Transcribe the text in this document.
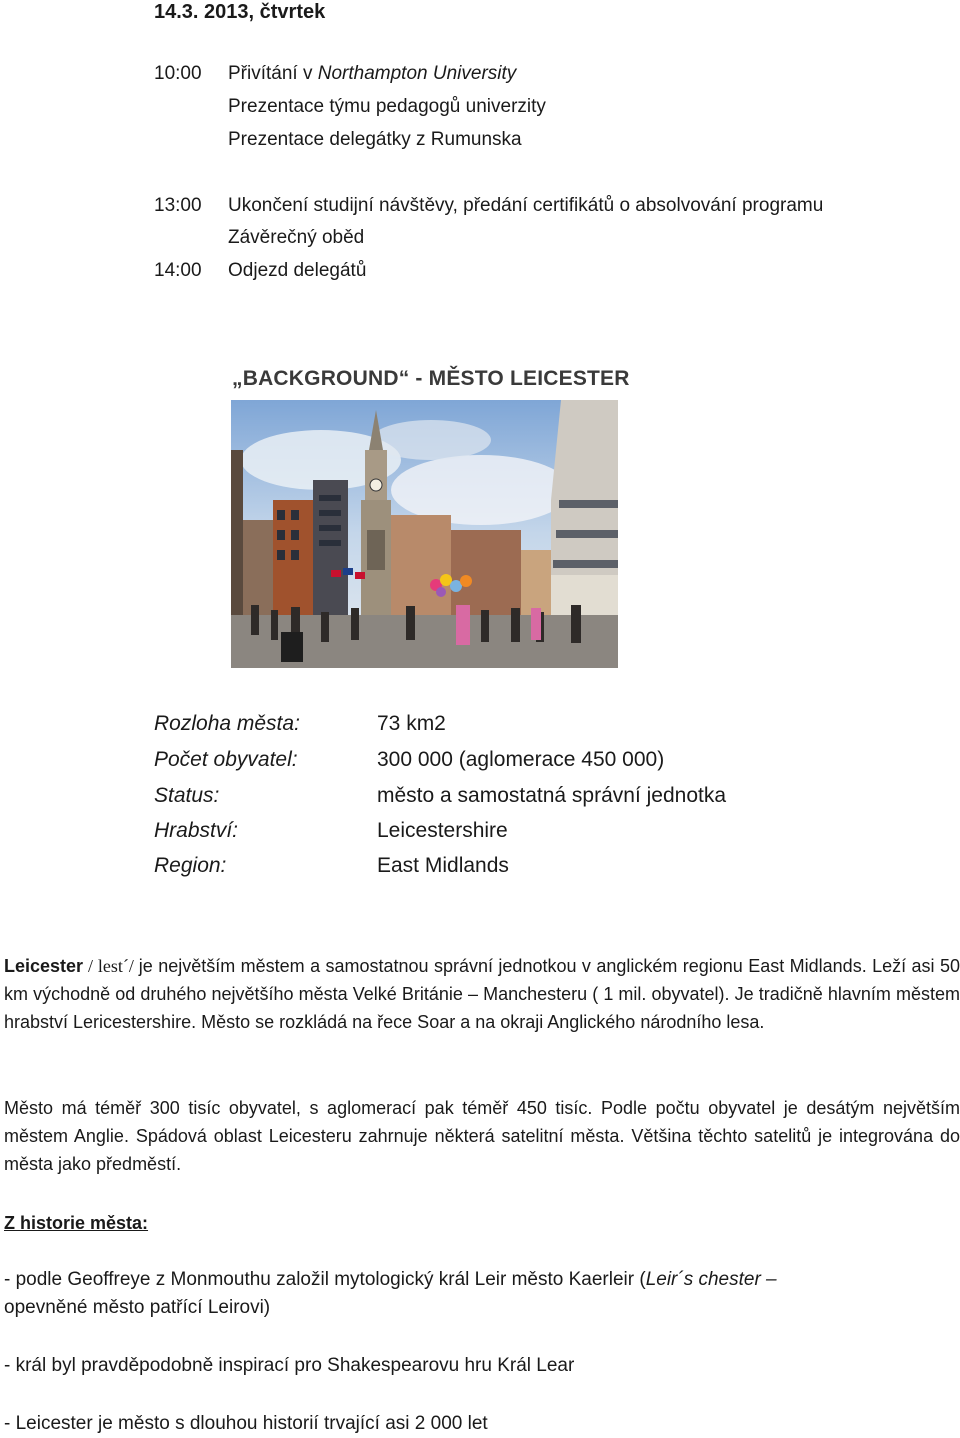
14.3. 2013, čtvrtek
10:00 Přivítání v Northampton University
Prezentace týmu pedagogů univerzity
Prezentace delegátky z Rumunska
13:00 Ukončení studijní návštěvy, předání certifikátů o absolvování programu
Závěrečný oběd
14:00 Odjezd delegátů
„BACKGROUND“ - MĚSTO LEICESTER
Rozloha města:	73 km2
Počet obyvatel:	300 000 (aglomerace 450 000)
Status:	město a samostatná správní jednotka
Hrabství:	Leicestershire
Region:	East Midlands
Leicester / lest´/ je největším městem a samostatnou správní jednotkou v anglickém regionu East Midlands. Leží asi 50 km východně od druhého největšího města Velké Británie – Manchesteru ( 1 mil. obyvatel). Je tradičně hlavním městem hrabství Lericestershire. Město se rozkládá na řece Soar a na okraji Anglického národního lesa.
Město má téměř 300 tisíc obyvatel, s aglomerací pak téměř 450 tisíc. Podle počtu obyvatel je desátým největším městem Anglie. Spádová oblast Leicesteru zahrnuje některá satelitní města. Většina těchto satelitů je integrována do města jako předměstí.
Z historie města:
- podle Geoffreye z Monmouthu založil mytologický král Leir město Kaerleir (Leir´s chester –
opevněné město patřící Leirovi)
- král byl pravděpodobně inspirací pro Shakespearovu hru Král Lear
- Leicester je město s dlouhou historií trvající asi 2 000 let
